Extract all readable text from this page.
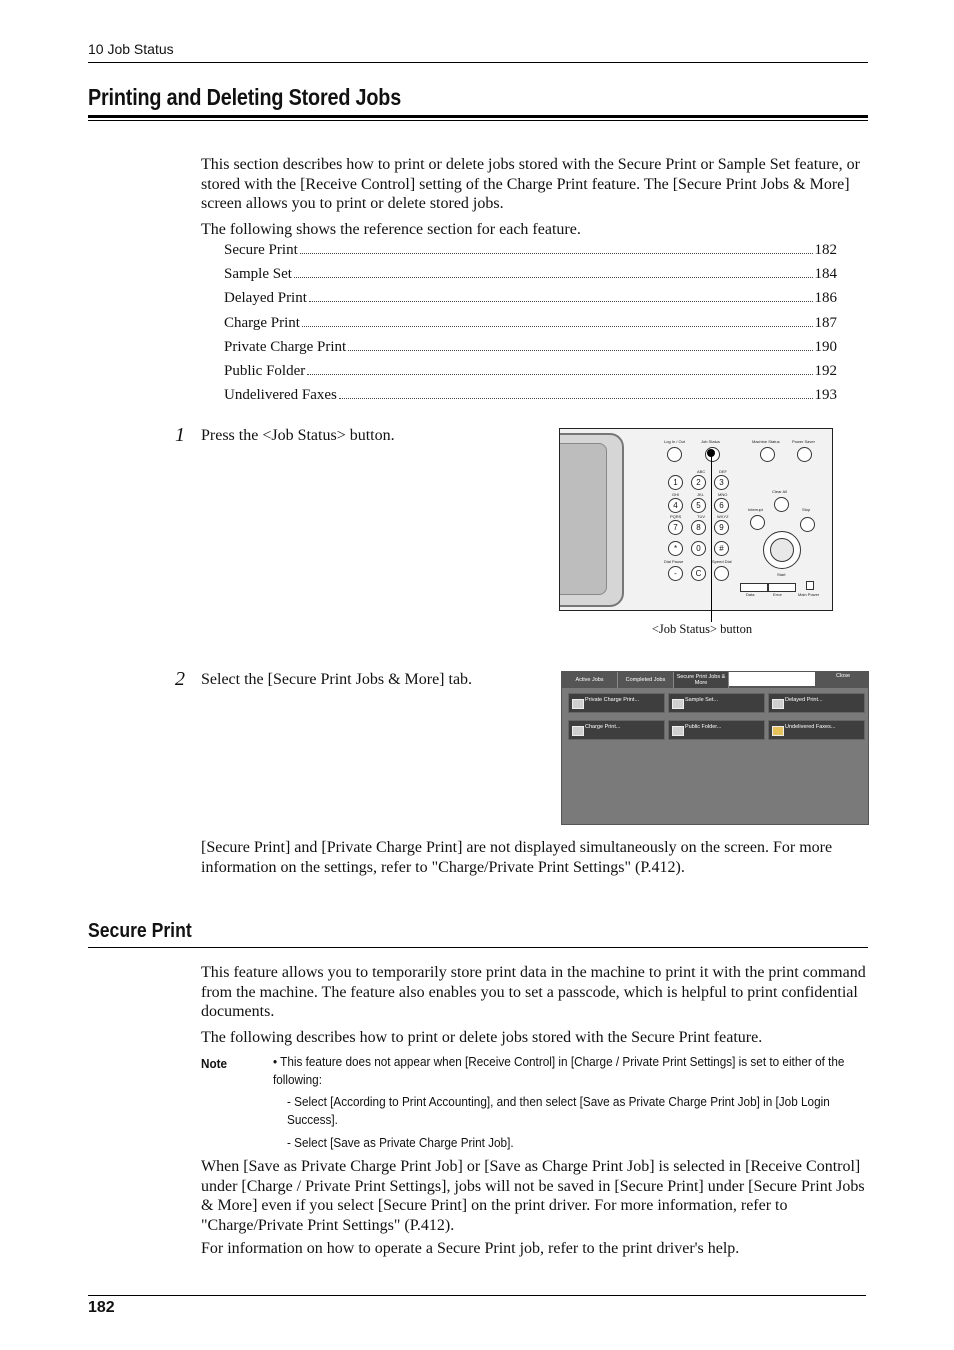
10 Job Status
Printing and Deleting Stored Jobs
This section describes how to print or delete jobs stored with the Secure Print or Sample Set feature, or stored with the [Receive Control] setting of the Charge Print feature. The [Secure Print Jobs & More] screen allows you to print or delete stored jobs.
The following shows the reference section for each feature.
Secure Print	182
Sample Set	184
Delayed Print	186
Charge Print	187
Private Charge Print	190
Public Folder	192
Undelivered Faxes	193
1 Press the <Job Status> button.	Log In / Out	Job Status	Machine Status	Power Saver
ABC	DEF
1	2	3
GHI	JKL	MNO
4	5	6
PQRS	TUV	WXYZ
7	8	9
*	0	#
Dial Pause	Speed Dial
-	C
Clear All
Interrupt	Stop
Start
Data	Error	Main Power
<Job Status> button
2 Select the [Secure Print Jobs & More] tab.	Active Jobs	Completed Jobs	Secure Print Jobs & More
Close
Private Charge Print...	Sample Set...	Delayed Print...
Charge Print...	Public Folder...	Undelivered Faxes...
[Secure Print] and [Private Charge Print] are not displayed simultaneously on the screen. For more information on the settings, refer to "Charge/Private Print Settings" (P.412).
Secure Print
This feature allows you to temporarily store print data in the machine to print it with the print command from the machine. The feature also enables you to set a passcode, which is helpful to print confidential documents.
The following describes how to print or delete jobs stored with the Secure Print feature.
Note	• This feature does not appear when [Receive Control] in [Charge / Private Print Settings] is set to either of the following:
- Select [According to Print Accounting], and then select [Save as Private Charge Print Job] in [Job Login Success].
- Select [Save as Private Charge Print Job].
When [Save as Private Charge Print Job] or [Save as Charge Print Job] is selected in [Receive Control] under [Charge / Private Print Settings], jobs will not be saved in [Secure Print] under [Secure Print Jobs & More] even if you select [Secure Print] on the print driver. For more information, refer to "Charge/Private Print Settings" (P.412).
For information on how to operate a Secure Print job, refer to the print driver's help.
182
